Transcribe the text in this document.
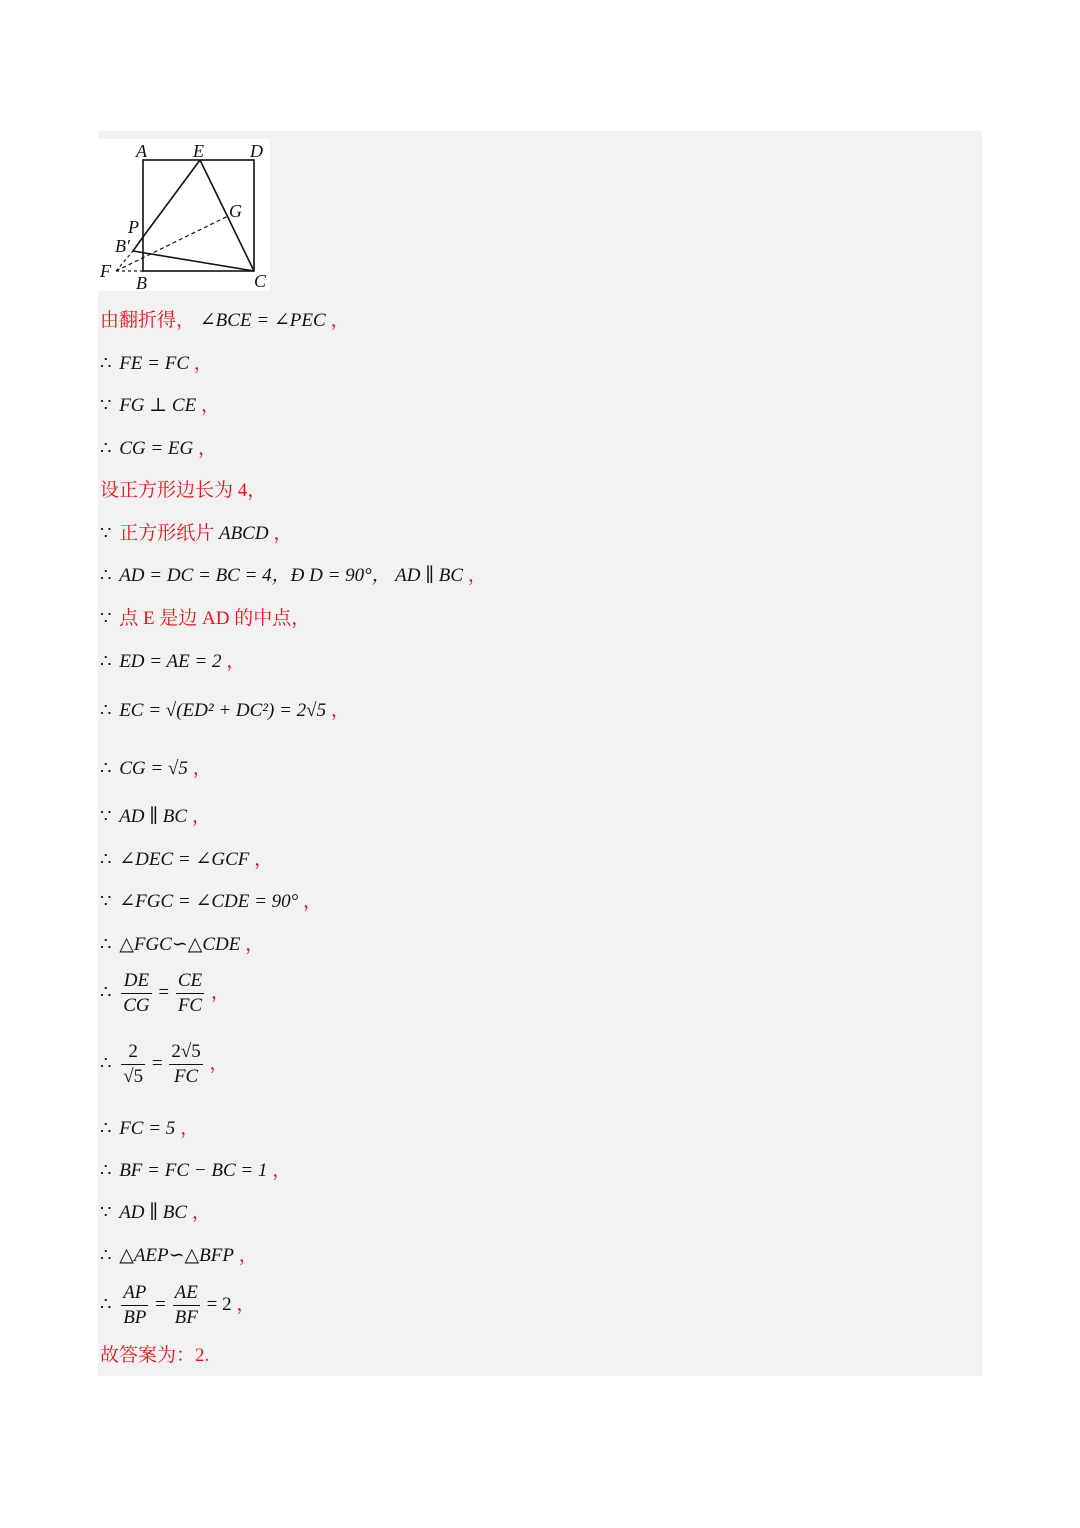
A	E	D
G
P
B′
F
B	C
由翻折得， ∠BCE = ∠PEC ，
∴ FE = FC ，
∵ FG ⊥ CE ，
∴ CG = EG ，
设正方形边长为 4，
∵ 正方形纸片 ABCD ，
∴ AD = DC = BC = 4，Ð D = 90°， AD ∥ BC ，
∵ 点 E 是边 AD 的中点，
∴ ED = AE = 2 ，
∴ EC = √(ED² + DC²) = 2√5 ，
∴ CG = √5 ，
∵ AD ∥ BC ，
∴ ∠DEC = ∠GCF ，
∵ ∠FGC = ∠CDE = 90° ，
∴ △FGC∽△CDE ，
∴ $\frac{DE}{CG} = \frac{CE}{FC}$ ，
∴ $\frac{2}{√5} = \frac{2√5}{FC}$ ，
∴ FC = 5 ，
∴ BF = FC − BC = 1 ，
∵ AD ∥ BC ，
∴ △AEP∽△BFP ，
∴ $\frac{AP}{BP} = \frac{AE}{BF} = 2$ ，
故答案为：2.
